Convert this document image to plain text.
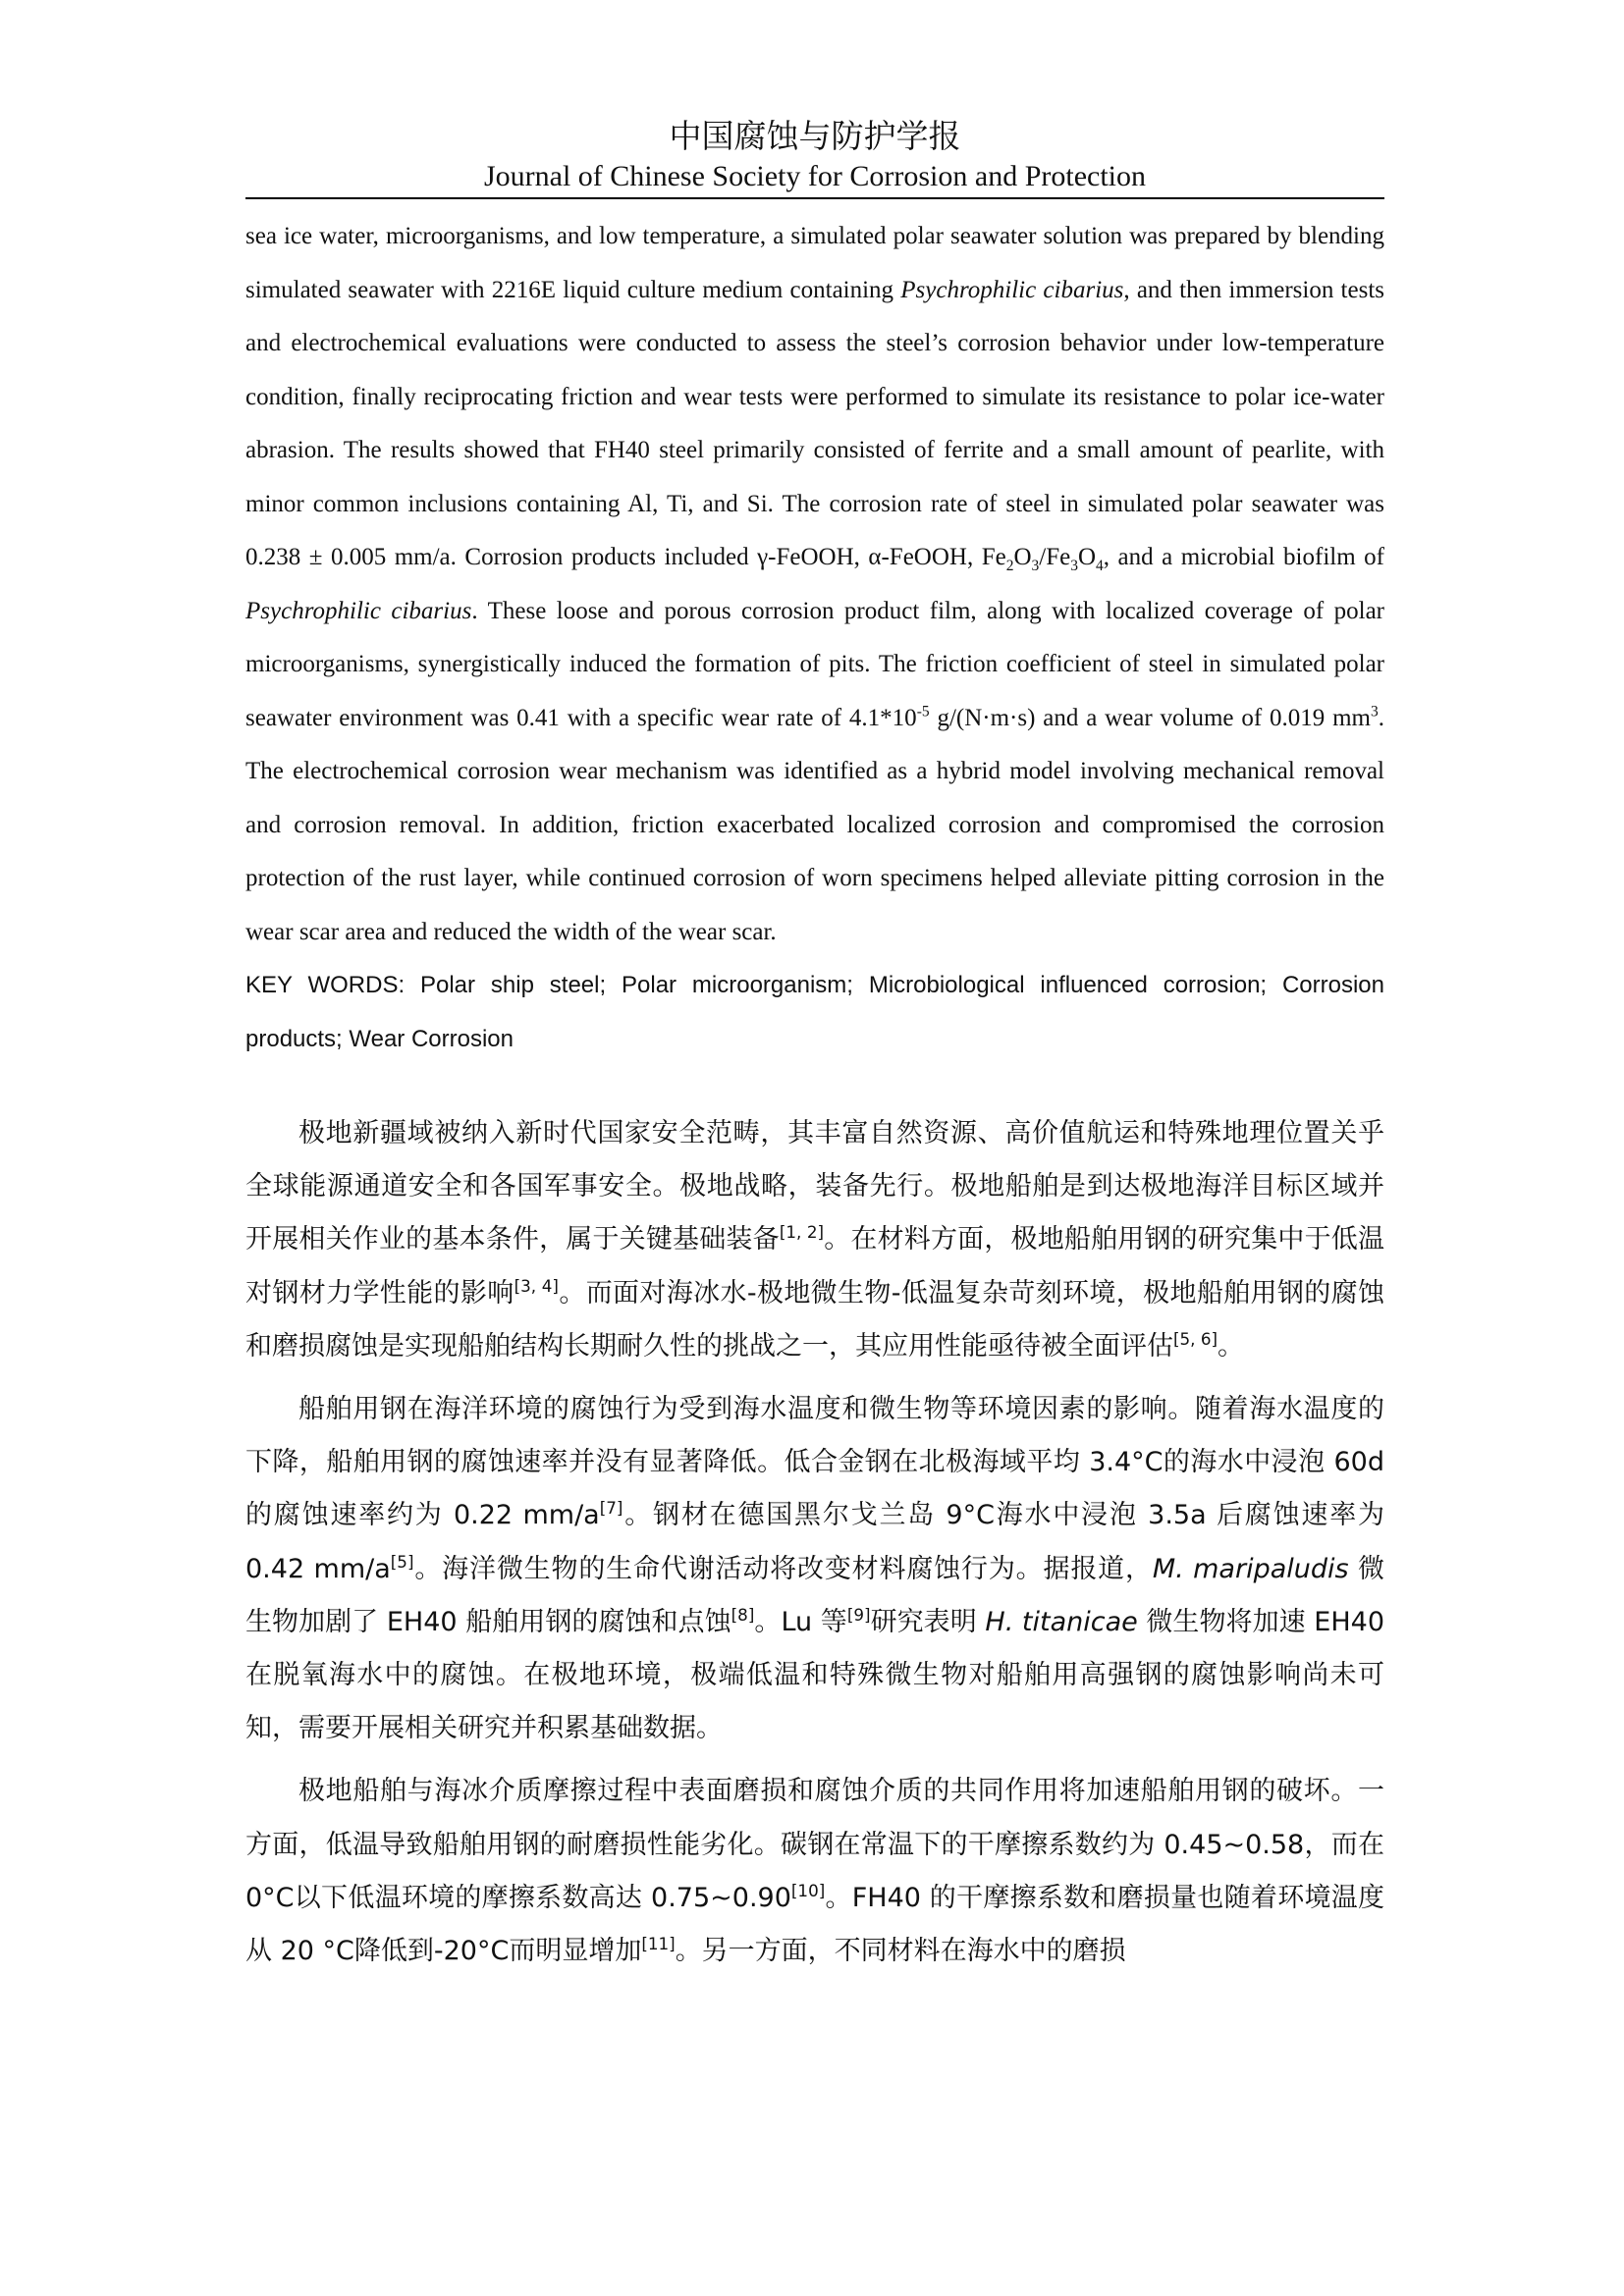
中国腐蚀与防护学报
Journal of Chinese Society for Corrosion and Protection

sea ice water, microorganisms, and low temperature, a simulated polar seawater solution was prepared by blending simulated seawater with 2216E liquid culture medium containing Psychrophilic cibarius, and then immersion tests and electrochemical evaluations were conducted to assess the steel’s corrosion behavior under low-temperature condition, finally reciprocating friction and wear tests were performed to simulate its resistance to polar ice-water abrasion. The results showed that FH40 steel primarily consisted of ferrite and a small amount of pearlite, with minor common inclusions containing Al, Ti, and Si. The corrosion rate of steel in simulated polar seawater was 0.238 ± 0.005 mm/a. Corrosion products included γ-FeOOH, α-FeOOH, $Fe_2O_3/Fe_3O_4$, and a microbial biofilm of Psychrophilic cibarius. These loose and porous corrosion product film, along with localized coverage of polar microorganisms, synergistically induced the formation of pits. The friction coefficient of steel in simulated polar seawater environment was 0.41 with a specific wear rate of $4.1*10^{-5}$ g/(N·m·s) and a wear volume of 0.019 $mm^3$. The electrochemical corrosion wear mechanism was identified as a hybrid model involving mechanical removal and corrosion removal. In addition, friction exacerbated localized corrosion and compromised the corrosion protection of the rust layer, while continued corrosion of worn specimens helped alleviate pitting corrosion in the wear scar area and reduced the width of the wear scar.

KEY WORDS: Polar ship steel; Polar microorganism; Microbiological influenced corrosion; Corrosion products; Wear Corrosion

极地新疆域被纳入新时代国家安全范畴，其丰富自然资源、高价值航运和特殊地理位置关乎全球能源通道安全和各国军事安全。极地战略，装备先行。极地船舶是到达极地海洋目标区域并开展相关作业的基本条件，属于关键基础装备[1, 2]。在材料方面，极地船舶用钢的研究集中于低温对钢材力学性能的影响[3, 4]。而面对海冰水-极地微生物-低温复杂苛刻环境，极地船舶用钢的腐蚀和磨损腐蚀是实现船舶结构长期耐久性的挑战之一，其应用性能亟待被全面评估[5, 6]。

船舶用钢在海洋环境的腐蚀行为受到海水温度和微生物等环境因素的影响。随着海水温度的下降，船舶用钢的腐蚀速率并没有显著降低。低合金钢在北极海域平均 3.4°C的海水中浸泡 60d 的腐蚀速率约为 0.22 mm/a[7]。钢材在德国黑尔戈兰岛 9°C海水中浸泡 3.5a 后腐蚀速率为 0.42 mm/a[5]。海洋微生物的生命代谢活动将改变材料腐蚀行为。据报道，M. maripaludis 微生物加剧了 EH40 船舶用钢的腐蚀和点蚀[8]。Lu 等[9]研究表明 H. titanicae 微生物将加速 EH40 在脱氧海水中的腐蚀。在极地环境，极端低温和特殊微生物对船舶用高强钢的腐蚀影响尚未可知，需要开展相关研究并积累基础数据。

极地船舶与海冰介质摩擦过程中表面磨损和腐蚀介质的共同作用将加速船舶用钢的破坏。一方面，低温导致船舶用钢的耐磨损性能劣化。碳钢在常温下的干摩擦系数约为 0.45~0.58，而在 0°C以下低温环境的摩擦系数高达 0.75~0.90[10]。FH40 的干摩擦系数和磨损量也随着环境温度从 20 °C降低到-20°C而明显增加[11]。另一方面，不同材料在海水中的磨损
